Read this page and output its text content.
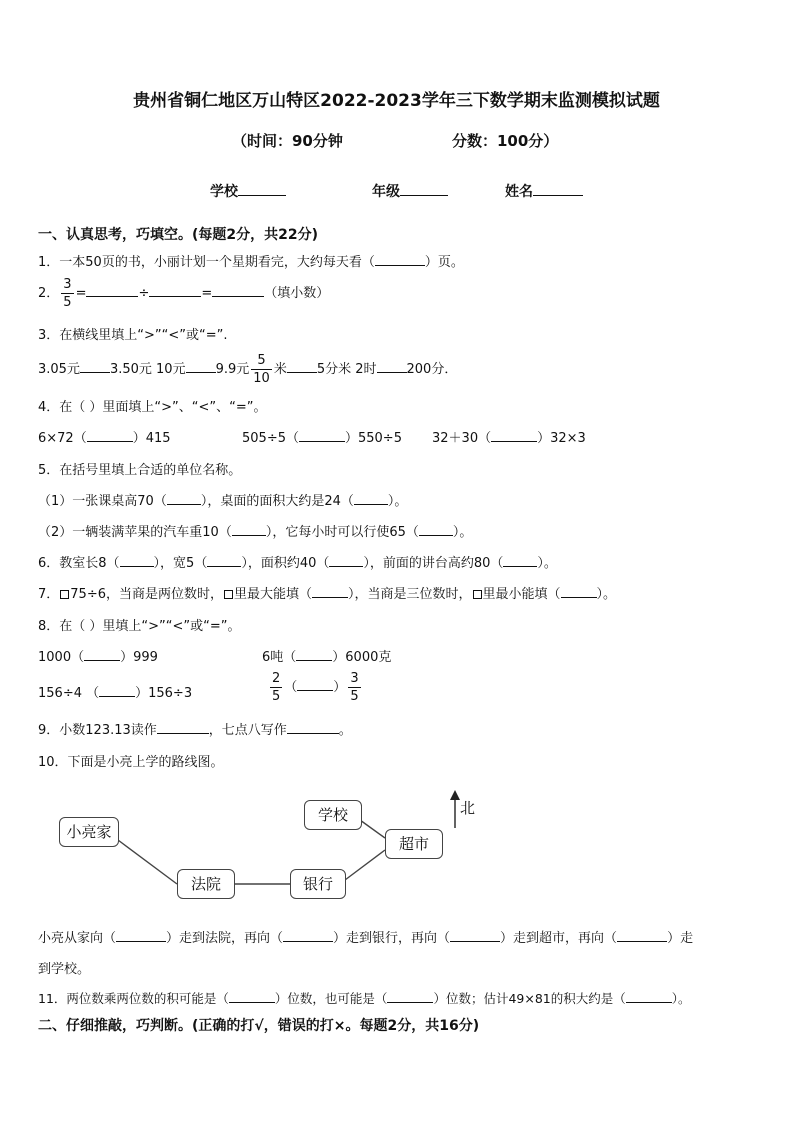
贵州省铜仁地区万山特区2022-2023学年三下数学期末监测模拟试题
（时间：90分钟	分数：100分）
学校	年级	姓名
一、认真思考，巧填空。(每题2分，共22分)
1．一本50页的书，小丽计划一个星期看完，大约每天看（	）页。
2． $\frac{3}{5}$ =	÷	=	（填小数）
3．在横线里填上“>”“<”或“=”.
3.05元 3.50元 10元 9.9元 $\frac{5}{10}$ 米 5分米 2时 200分．
4．在（ ）里面填上“>”、“<”、“=”。
6×72（	）415	505÷5（	）550÷5 32＋30（	）32×3
5．在括号里填上合适的单位名称。
（1）一张课桌高70（	），桌面的面积大约是24（	）。
（2）一辆装满苹果的汽车重10（	），它每小时可以行使65（	）。
6．教室长8（	），宽5（	），面积约40（	），前面的讲台高约80（	）。
7． 75÷6，当商是两位数时， 里最大能填（	），当商是三位数时， 里最小能填（	）。
8．在（ ）里填上“>”“<”或“=”。
1000（	）999	6吨（	）6000克
156÷4 （	）156÷3	$\frac{2}{5}$ （	） $\frac{3}{5}$
9．小数123.13读作	，七点八写作	。
10．下面是小亮上学的路线图。
小亮家
法院	银行
学校
超市
北
小亮从家向（	）走到法院，再向（	）走到银行，再向（	）走到超市，再向（	）走
到学校。
11．两位数乘两位数的积可能是（	）位数，也可能是（	）位数；估计49×81的积大约是（	）。
二、仔细推敲，巧判断。(正确的打√，错误的打×。每题2分，共16分)
